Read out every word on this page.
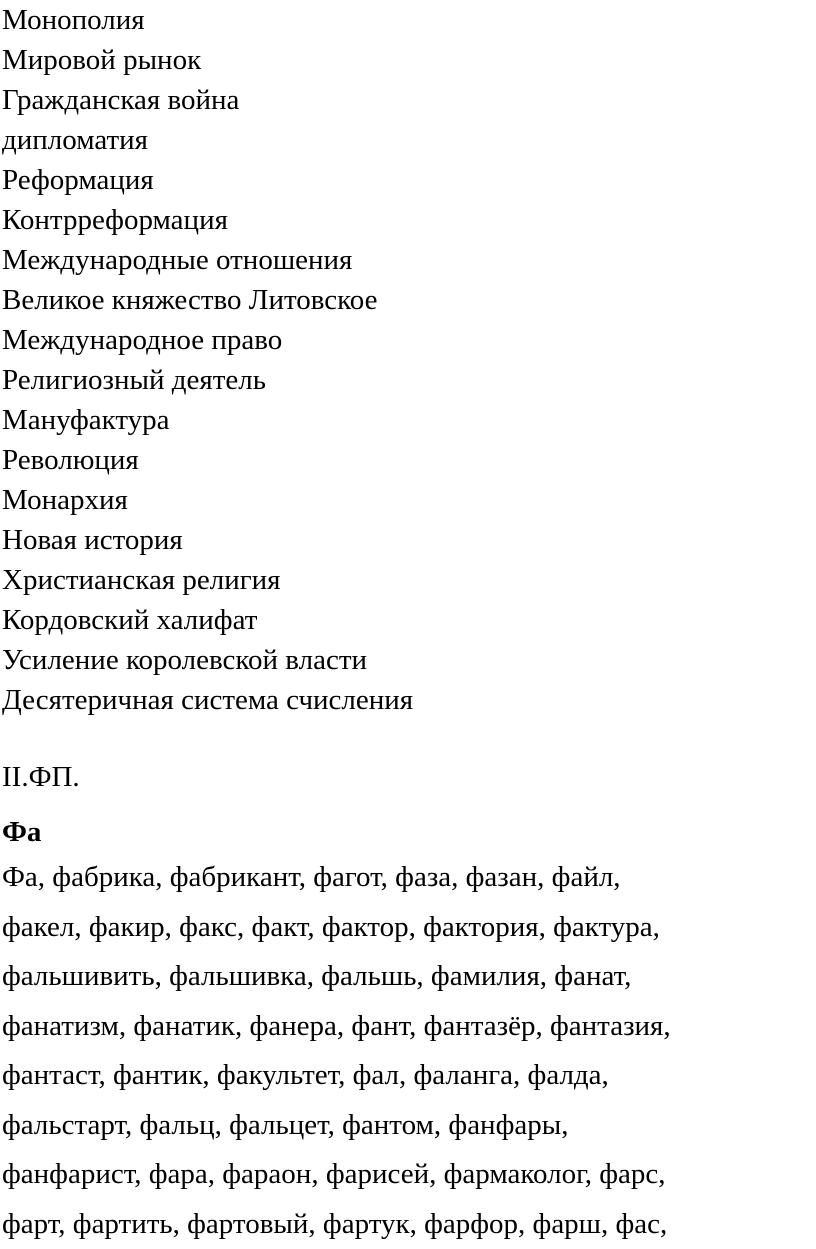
Монополия
Мировой рынок
Гражданская война
дипломатия
Реформация
Контрреформация
Международные отношения
Великое княжество Литовское
Международное право
Религиозный деятель
Мануфактура
Революция
Монархия
Новая история
Христианская религия
Кордовский халифат
Усиление королевской власти
Десятеричная система счисления

II.ФП.

Фа

Фа, фабрика, фабрикант, фагот, фаза, фазан, файл,
факел, факир, факс, факт, фактор, фактория, фактура,
фальшивить, фальшивка, фальшь, фамилия, фанат,
фанатизм, фанатик, фанера, фант, фантазёр, фантазия,
фантаст, фантик, факультет, фал, фаланга, фалда,
фальстарт, фальц, фальцет, фантом, фанфары,
фанфарист, фара, фараон, фарисей, фармаколог, фарс,
фарт, фартить, фартовый, фартук, фарфор, фарш, фас,
